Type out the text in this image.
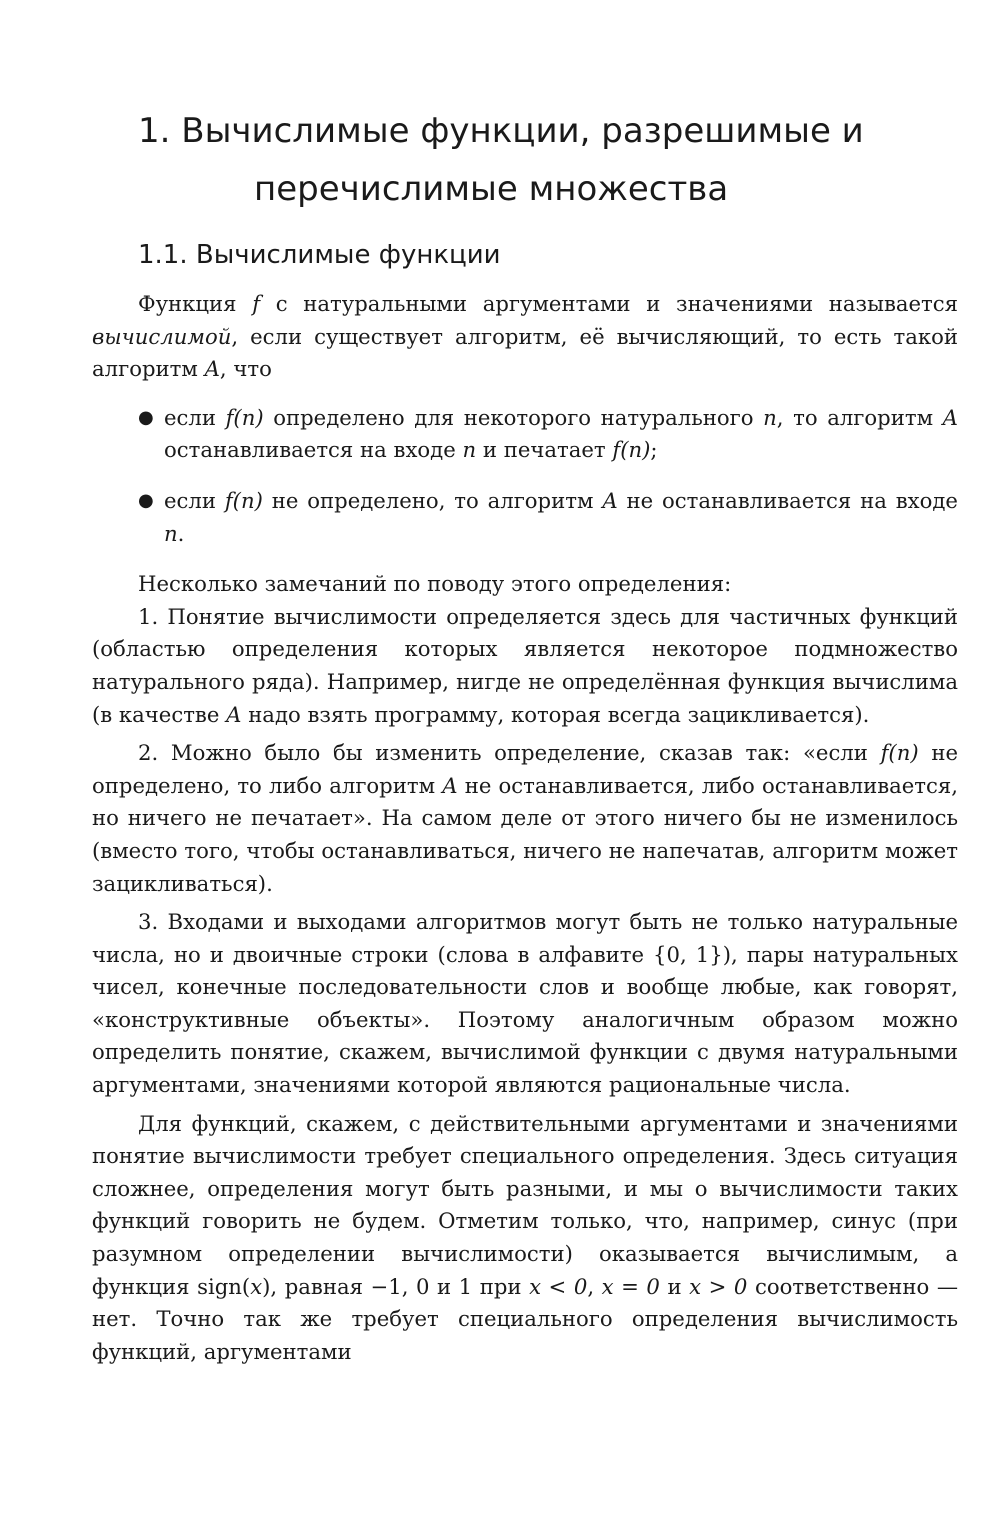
1. Вычислимые функции, разрешимые и
перечислимые множества
1.1. Вычислимые функции

Функция f с натуральными аргументами и значениями называется вычислимой, если существует алгоритм, её вычисляющий, то есть такой алгоритм A, что

● если f(n) определено для некоторого натурального n, то алгоритм A останавливается на входе n и печатает f(n);
● если f(n) не определено, то алгоритм A не останавливается на входе n.

Несколько замечаний по поводу этого определения:

1. Понятие вычислимости определяется здесь для частичных функций (областью определения которых является некоторое подмножество натурального ряда). Например, нигде не определённая функция вычислима (в качестве A надо взять программу, которая всегда зацикливается).

2. Можно было бы изменить определение, сказав так: «если f(n) не определено, то либо алгоритм A не останавливается, либо останавливается, но ничего не печатает». На самом деле от этого ничего бы не изменилось (вместо того, чтобы останавливаться, ничего не напечатав, алгоритм может зацикливаться).

3. Входами и выходами алгоритмов могут быть не только натуральные числа, но и двоичные строки (слова в алфавите {0, 1}), пары натуральных чисел, конечные последовательности слов и вообще любые, как говорят, «конструктивные объекты». Поэтому аналогичным образом можно определить понятие, скажем, вычислимой функции с двумя натуральными аргументами, значениями которой являются рациональные числа.

Для функций, скажем, с действительными аргументами и значениями понятие вычислимости требует специального определения. Здесь ситуация сложнее, определения могут быть разными, и мы о вычислимости таких функций говорить не будем. Отметим только, что, например, синус (при разумном определении вычислимости) оказывается вычислимым, а функция sign(x), равная −1, 0 и 1 при x < 0, x = 0 и x > 0 соответственно — нет. Точно так же требует специального определения вычислимость функций, аргументами
